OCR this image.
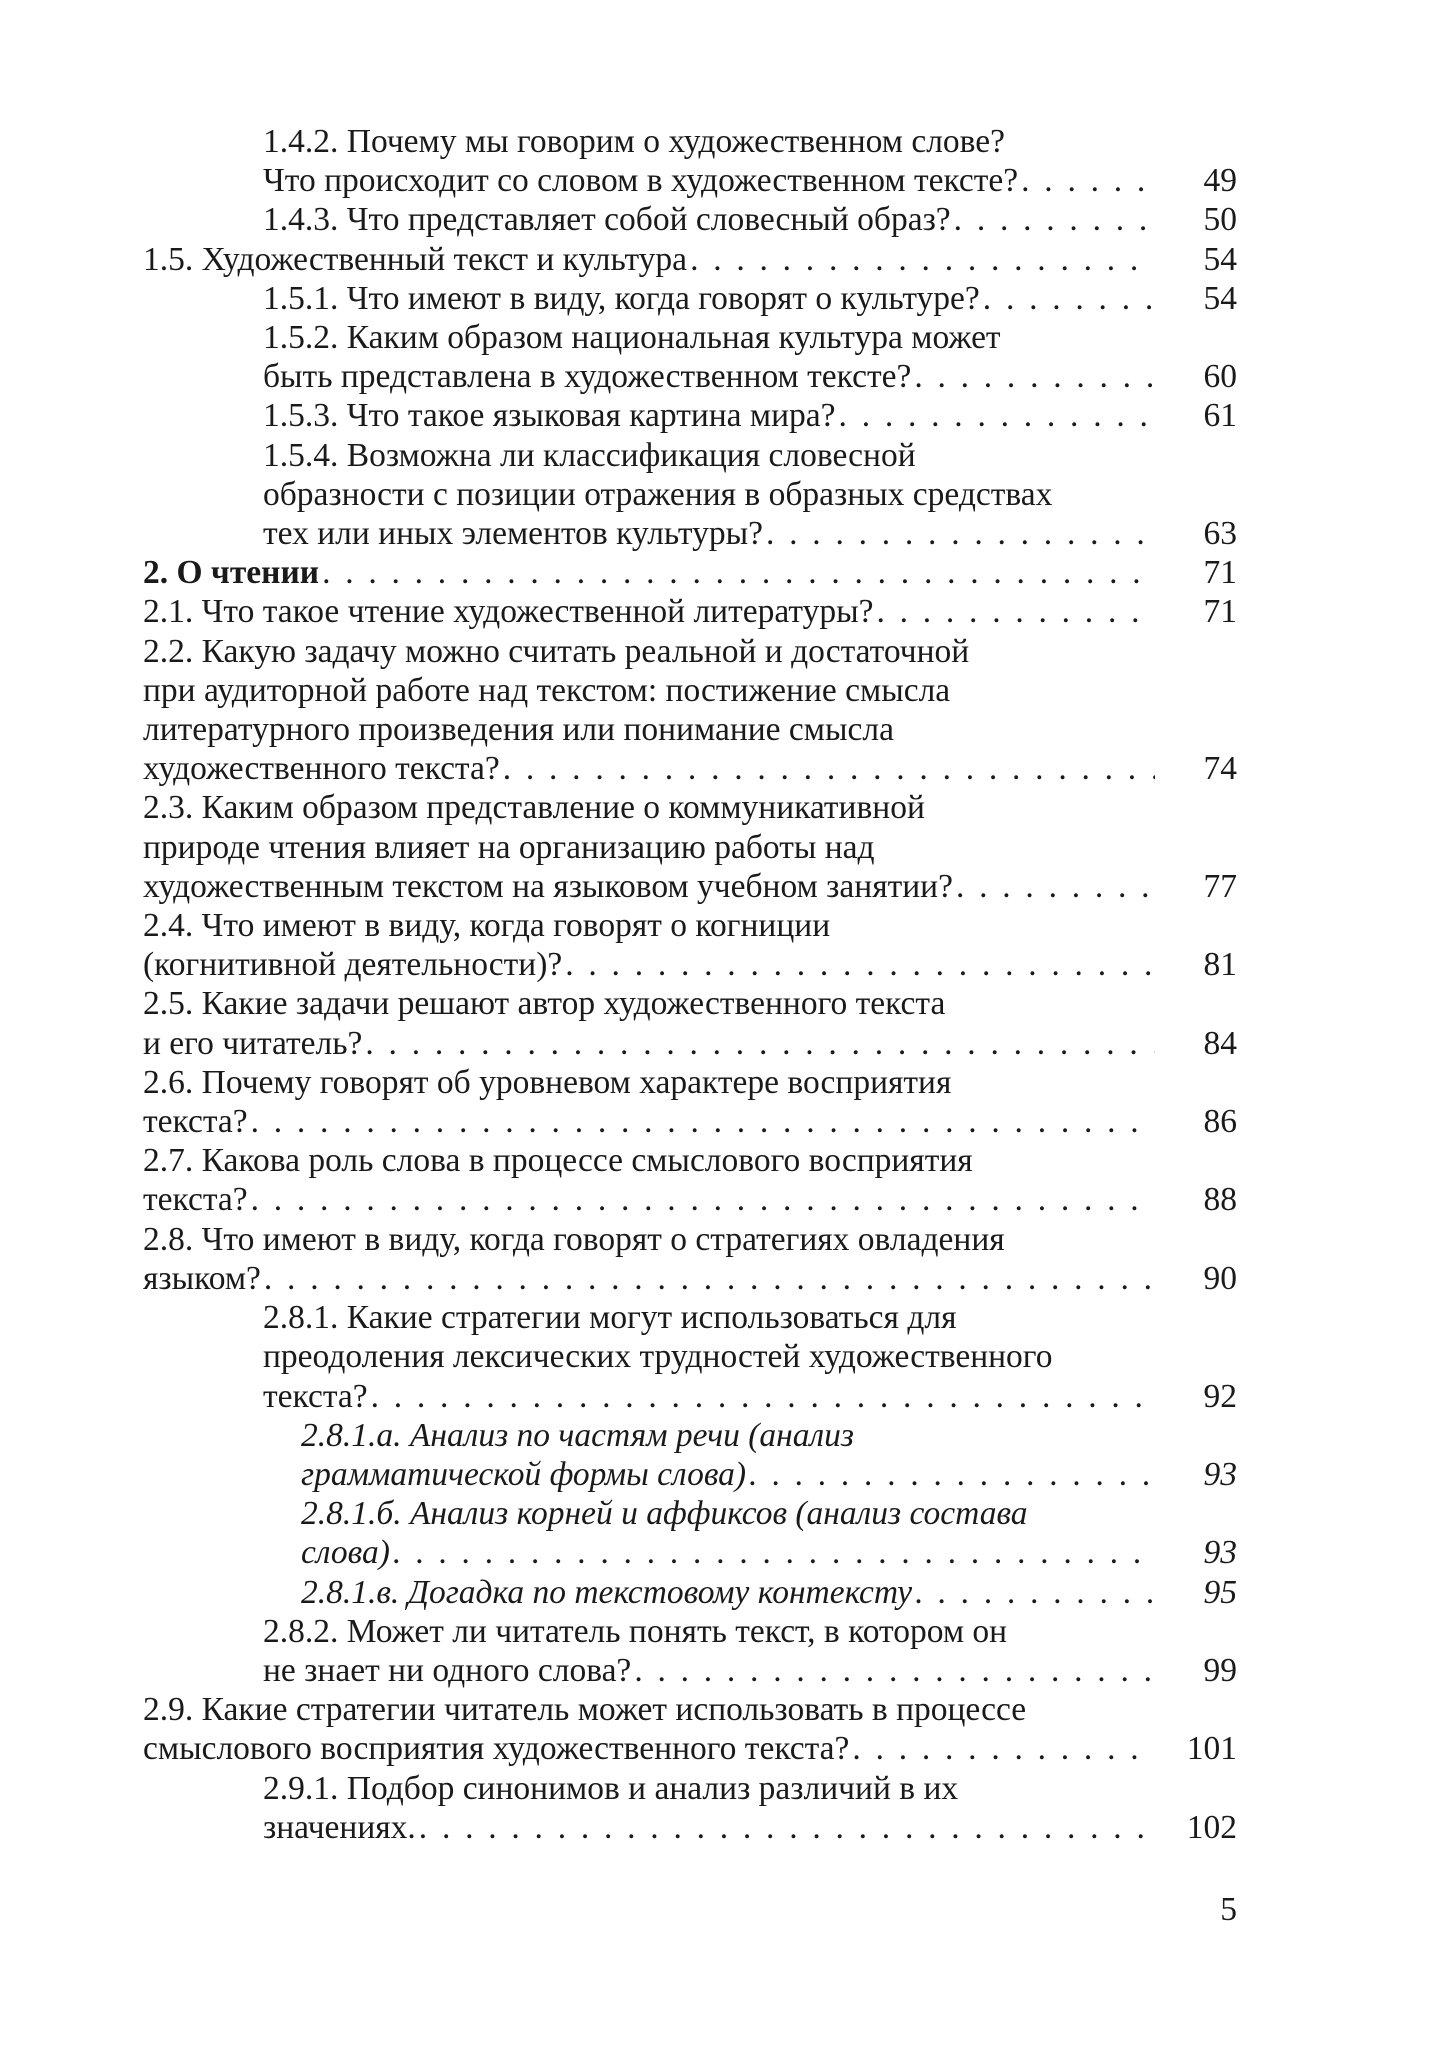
1.4.2. Почему мы говорим о художественном слове?
Что происходит со словом в художественном тексте? . . .	49
1.4.3. Что представляет собой словесный образ? . . .	50
1.5. Художественный текст и культура . . .	54
1.5.1. Что имеют в виду, когда говорят о культуре? . . .	54
1.5.2. Каким образом национальная культура может
быть представлена в художественном тексте? . . .	60
1.5.3. Что такое языковая картина мира? . . .	61
1.5.4. Возможна ли классификация словесной
образности с позиции отражения в образных средствах
тех или иных элементов культуры? . . .	63
2. О чтении . . .	71
2.1. Что такое чтение художественной литературы? . . .	71
2.2. Какую задачу можно считать реальной и достаточной
при аудиторной работе над текстом: постижение смысла
литературного произведения или понимание смысла
художественного текста? . . .	74
2.3. Каким образом представление о коммуникативной
природе чтения влияет на организацию работы над
художественным текстом на языковом учебном занятии? . . .	77
2.4. Что имеют в виду, когда говорят о когниции
(когнитивной деятельности)? . . .	81
2.5. Какие задачи решают автор художественного текста
и его читатель? . . .	84
2.6. Почему говорят об уровневом характере восприятия
текста? . . .	86
2.7. Какова роль слова в процессе смыслового восприятия
текста? . . .	88
2.8. Что имеют в виду, когда говорят о стратегиях овладения
языком? . . .	90
2.8.1. Какие стратегии могут использоваться для
преодоления лексических трудностей художественного
текста? . . .	92
2.8.1.а. Анализ по частям речи (анализ
грамматической формы слова) . . .	93
2.8.1.б. Анализ корней и аффиксов (анализ состава
слова) . . .	93
2.8.1.в. Догадка по текстовому контексту . . .	95
2.8.2. Может ли читатель понять текст, в котором он
не знает ни одного слова? . . .	99
2.9. Какие стратегии читатель может использовать в процессе
смыслового восприятия художественного текста? . . .	101
2.9.1. Подбор синонимов и анализ различий в их
значениях. . . .	102
5
